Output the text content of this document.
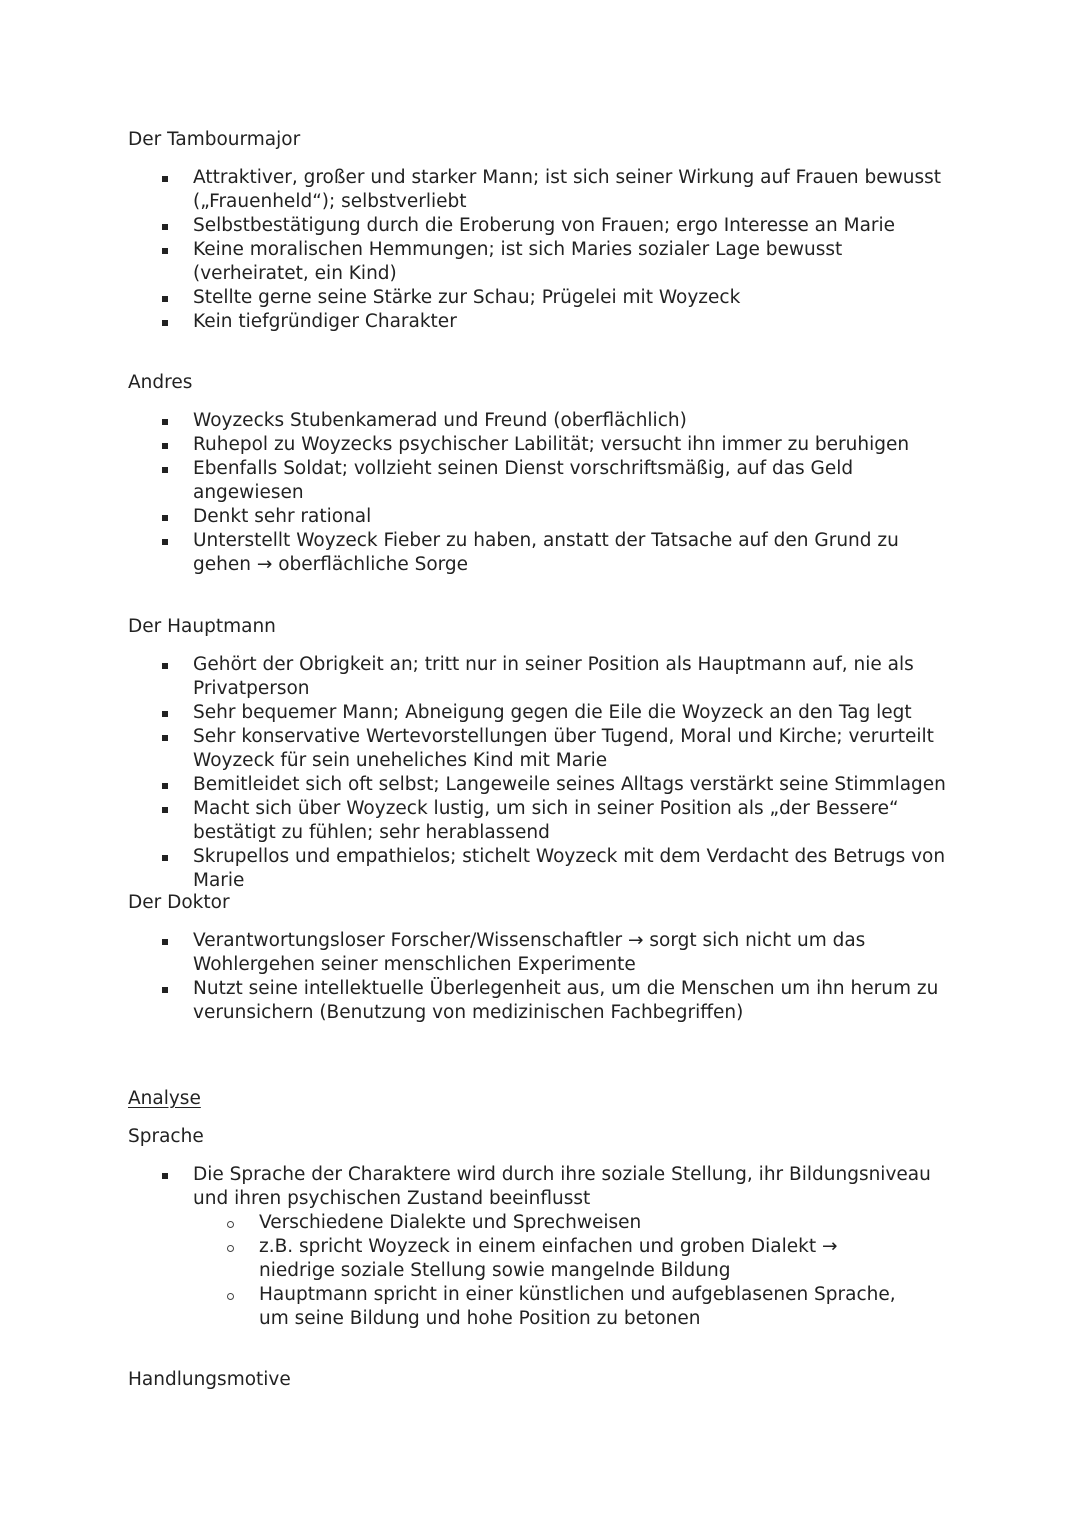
Der Tambourmajor
Attraktiver, großer und starker Mann; ist sich seiner Wirkung auf Frauen bewusst („Frauenheld“); selbstverliebt
Selbstbestätigung durch die Eroberung von Frauen; ergo Interesse an Marie
Keine moralischen Hemmungen; ist sich Maries sozialer Lage bewusst (verheiratet, ein Kind)
Stellte gerne seine Stärke zur Schau; Prügelei mit Woyzeck
Kein tiefgründiger Charakter
Andres
Woyzecks Stubenkamerad und Freund (oberflächlich)
Ruhepol zu Woyzecks psychischer Labilität; versucht ihn immer zu beruhigen
Ebenfalls Soldat; vollzieht seinen Dienst vorschriftsmäßig, auf das Geld angewiesen
Denkt sehr rational
Unterstellt Woyzeck Fieber zu haben, anstatt der Tatsache auf den Grund zu gehen → oberflächliche Sorge
Der Hauptmann
Gehört der Obrigkeit an; tritt nur in seiner Position als Hauptmann auf, nie als Privatperson
Sehr bequemer Mann; Abneigung gegen die Eile die Woyzeck an den Tag legt
Sehr konservative Wertevorstellungen über Tugend, Moral und Kirche; verurteilt Woyzeck für sein uneheliches Kind mit Marie
Bemitleidet sich oft selbst; Langeweile seines Alltags verstärkt seine Stimmlagen
Macht sich über Woyzeck lustig, um sich in seiner Position als „der Bessere“ bestätigt zu fühlen; sehr herablassend
Skrupellos und empathielos; stichelt Woyzeck mit dem Verdacht des Betrugs von Marie
Der Doktor
Verantwortungsloser Forscher/Wissenschaftler → sorgt sich nicht um das Wohlergehen seiner menschlichen Experimente
Nutzt seine intellektuelle Überlegenheit aus, um die Menschen um ihn herum zu verunsichern (Benutzung von medizinischen Fachbegriffen)
Analyse
Sprache
Die Sprache der Charaktere wird durch ihre soziale Stellung, ihr Bildungsniveau und ihren psychischen Zustand beeinflusst
Verschiedene Dialekte und Sprechweisen
z.B. spricht Woyzeck in einem einfachen und groben Dialekt → niedrige soziale Stellung sowie mangelnde Bildung
Hauptmann spricht in einer künstlichen und aufgeblasenen Sprache, um seine Bildung und hohe Position zu betonen
Handlungsmotive
